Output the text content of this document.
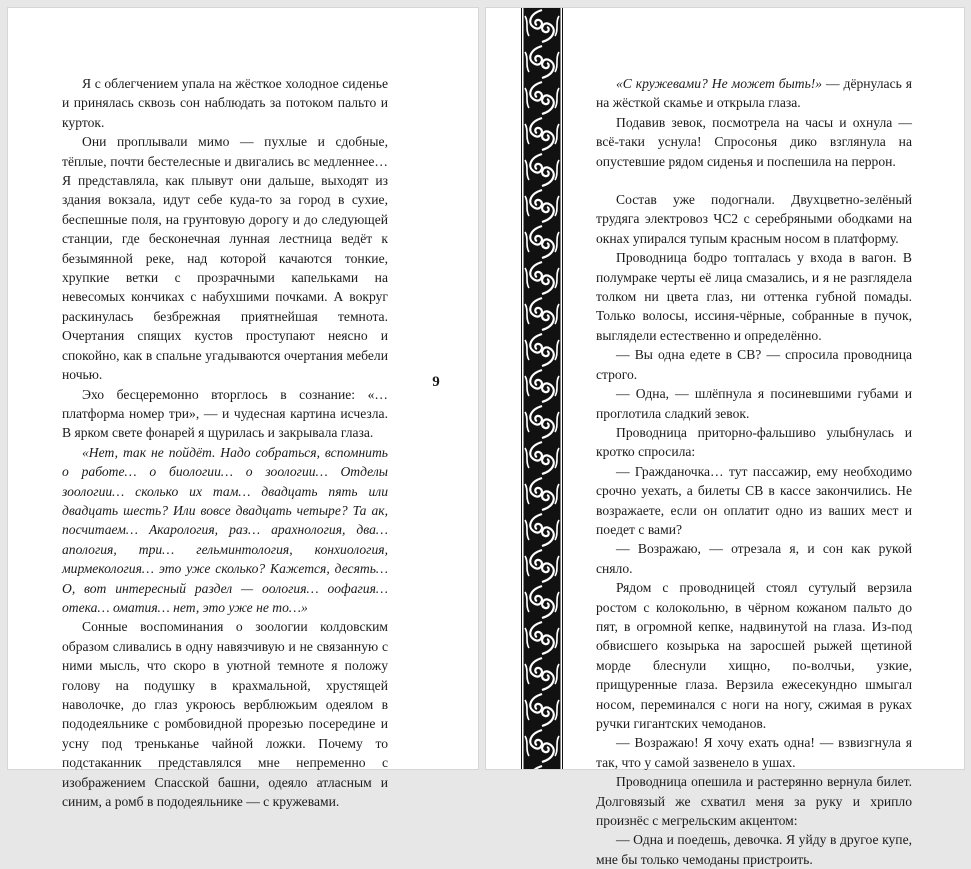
Я с облегчением упала на жёсткое холодное сиденье и принялась сквозь сон наблюдать за потоком пальто и курток.

Они проплывали мимо — пухлые и сдобные, тёплые, почти бестелесные и двигались вс медленнее… Я представляла, как плывут они дальше, выходят из здания вокзала, идут себе куда-то за город в сухие, беспешные поля, на грунтовую дорогу и до следующей станции, где бесконечная лунная лестница ведёт к безымянной реке, над которой качаются тонкие, хрупкие ветки с прозрачными капельками на невесомых кончиках с набухшими почками. А вокруг раскинулась безбрежная приятнейшая темнота. Очертания спящих кустов проступают неясно и спокойно, как в спальне угадываются очертания мебели ночью.

Эхо бесцеремонно вторглось в сознание: «…платформа номер три», — и чудесная картина исчезла. В ярком свете фонарей я щурилась и закрывала глаза.

«Нет, так не пойдёт. Надо собраться, вспомнить о работе… о биологии… о зоологии… Отделы зоологии… сколько их там… двадцать пять или двадцать шесть? Или вовсе двадцать четыре? Та ак, посчитаем… Акарология, раз… арахнология, два… апология, три… гельминтология, конхиология, мирмекология… это уже сколько? Кажется, десять… О, вот интересный раздел — оология… оофагия… отека… оматия… нет, это уже не то…»

Сонные воспоминания о зоологии колдовским образом сливались в одну навязчивую и не связанную с ними мысль, что скоро в уютной темноте я положу голову на подушку в крахмальной, хрустящей наволочке, до глаз укроюсь верблюжьим одеялом в пододеяльнике с ромбовидной прорезью посередине и усну под треньканье чайной ложки. Почему то подстаканник представлялся мне непременно с изображением Спасской башни, одеяло атласным и синим, а ромб в пододеяльнике — с кружевами.

9

«С кружевами? Не может быть!» — дёрнулась я на жёсткой скамье и открыла глаза.

Подавив зевок, посмотрела на часы и охнула — всё-таки уснула! Спросонья дико взглянула на опустевшие рядом сиденья и поспешила на перрон.

Состав уже подогнали. Двухцветно-зелёный трудяга электровоз ЧС2 с серебряными ободками на окнах упирался тупым красным носом в платформу.

Проводница бодро топталась у входа в вагон. В полумраке черты её лица смазались, и я не разглядела толком ни цвета глаз, ни оттенка губной помады. Только волосы, иссиня-чёрные, собранные в пучок, выглядели естественно и определённо.

— Вы одна едете в СВ? — спросила проводница строго.

— Одна, — шлёпнула я посиневшими губами и проглотила сладкий зевок.

Проводница приторно-фальшиво улыбнулась и кротко спросила:

— Гражданочка… тут пассажир, ему необходимо срочно уехать, а билеты СВ в кассе закончились. Не возражаете, если он оплатит одно из ваших мест и поедет с вами?

— Возражаю, — отрезала я, и сон как рукой сняло.

Рядом с проводницей стоял сутулый верзила ростом с колокольню, в чёрном кожаном пальто до пят, в огромной кепке, надвинутой на глаза. Из-под обвисшего козырька на заросшей рыжей щетиной морде блеснули хищно, по-волчьи, узкие, прищуренные глаза. Верзила ежесекундно шмыгал носом, переминался с ноги на ногу, сжимая в руках ручки гигантских чемоданов.

— Возражаю! Я хочу ехать одна! — взвизгнула я так, что у самой зазвенело в ушах.

Проводница опешила и растерянно вернула билет. Долговязый же схватил меня за руку и хрипло произнёс с мегрельским акцентом:

— Одна и поедешь, девочка. Я уйду в другое купе, мне бы только чемоданы пристроить.
